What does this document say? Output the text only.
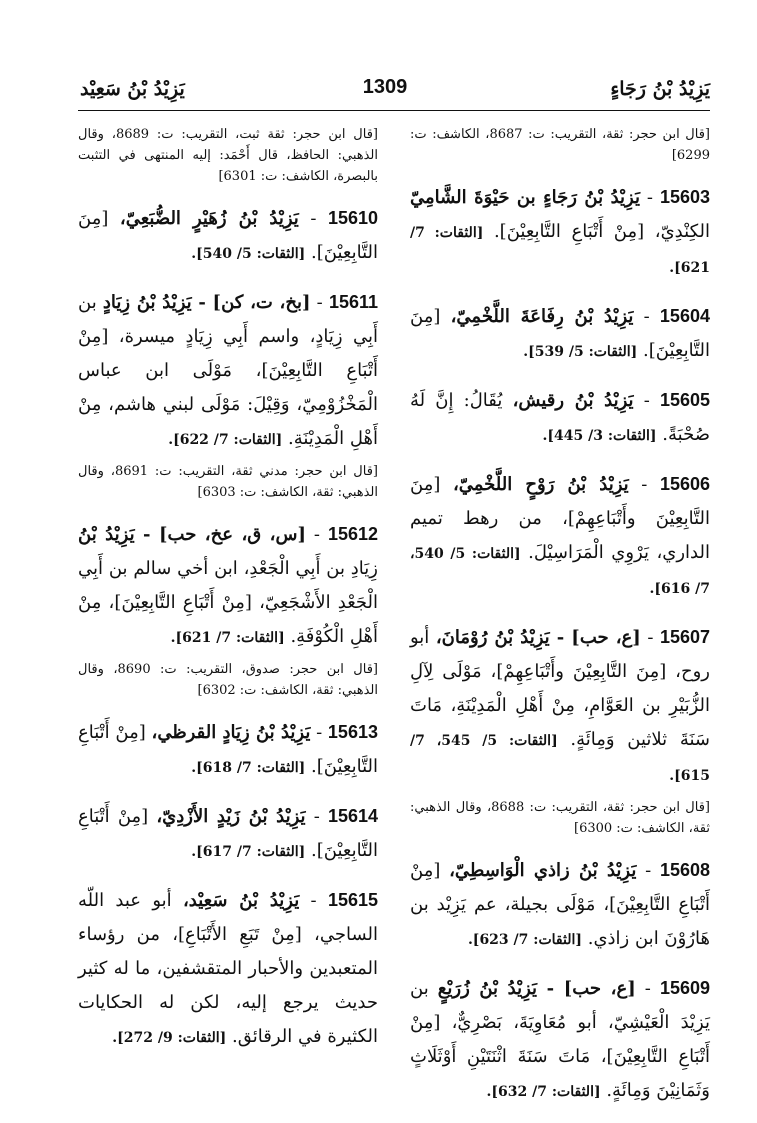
يَزِيْدُ بْنُ رَجَاءٍ
1309
يَزِيْدُ بْنُ سَعِيْد
[قال ابن حجر: ثقة، التقريب: ت: 8687، الكاشف: ت: 6299]
15603 - يَزِيْدُ بْنُ رَجَاءٍ بن حَيْوَةَ الشَّامِيّ الكِنْدِيّ، [مِنْ أَتْبَاعِ التَّابِعِيْنَ]. [الثقات: 7/ 621].
15604 - يَزِيْدُ بْنُ رِفَاعَةَ اللَّخْمِيّ، [مِنَ التَّابِعِيْنَ]. [الثقات: 5/ 539].
15605 - يَزِيْدُ بْنُ رقيش، يُقَالُ: إِنَّ لَهُ صُحْبَةً. [الثقات: 3/ 445].
15606 - يَزِيْدُ بْنُ رَوْحٍ اللَّخْمِيّ، [مِنَ التَّابِعِيْنَ وأَتْبَاعِهِمْ]، من رهط تميم الداري، يَرْوِي الْمَرَاسِيْلَ. [الثقات: 5/ 540، 7/ 616].
15607 - [ع، حب] - يَزِيْدُ بْنُ رُوْمَانَ، أبو روح، [مِنَ التَّابِعِيْنَ وأَتْبَاعِهِمْ]، مَوْلَى لِآلِ الزُّبَيْرِ بن العَوَّامِ، مِنْ أَهْلِ الْمَدِيْنَةِ، مَاتَ سَنَةَ ثلاثين وَمِائَةٍ. [الثقات: 5/ 545، 7/ 615].
[قال ابن حجر: ثقة، التقريب: ت: 8688، وقال الذهبي: ثقة، الكاشف: ت: 6300]
15608 - يَزِيْدُ بْنُ زاذي الْوَاسِطِيّ، [مِنْ أَتْبَاعِ التَّابِعِيْنَ]، مَوْلَى بجيلة، عم يَزِيْد بن هَارُوْنَ ابن زاذي. [الثقات: 7/ 623].
15609 - [ع، حب] - يَزِيْدُ بْنُ زُرَيْعٍ بن يَزِيْدَ الْعَيْشِيّ، أبو مُعَاوِيَةَ، بَصْرِيٌّ، [مِنْ أَتْبَاعِ التَّابِعِيْنَ]، مَاتَ سَنَةَ اثْنَتَيْنِ أَوْثَلَاثٍ وَثَمَانِيْنَ وَمِائَةٍ. [الثقات: 7/ 632].
[قال ابن حجر: ثقة ثبت، التقريب: ت: 8689، وقال الذهبي: الحافظ، قال أَحْمَد: إليه المنتهى في التثبت بالبصرة، الكاشف: ت: 6301]
15610 - يَزِيْدُ بْنُ زُهَيْرٍ الضُّبَعِيّ، [مِنَ التَّابِعِيْنَ]. [الثقات: 5/ 540].
15611 - [بخ، ت، كن] - يَزِيْدُ بْنُ زِيَادٍ بن أَبِي زِيَادٍ، واسم أَبِي زِيَادٍ ميسرة، [مِنْ أَتْبَاعِ التَّابِعِيْنَ]، مَوْلَى ابن عباس الْمَخْزُوْمِيّ، وَقِيْلَ: مَوْلَى لبني هاشم، مِنْ أَهْلِ الْمَدِيْنَةِ. [الثقات: 7/ 622].
[قال ابن حجر: مدني ثقة، التقريب: ت: 8691، وقال الذهبي: ثقة، الكاشف: ت: 6303]
15612 - [س، ق، عخ، حب] - يَزِيْدُ بْنُ زِيَادِ بن أَبِي الْجَعْدِ، ابن أخي سالم بن أَبِي الْجَعْدِ الأَشْجَعِيّ، [مِنْ أَتْبَاعِ التَّابِعِيْنَ]، مِنْ أَهْلِ الْكُوْفَةِ. [الثقات: 7/ 621].
[قال ابن حجر: صدوق، التقريب: ت: 8690، وقال الذهبي: ثقة، الكاشف: ت: 6302]
15613 - يَزِيْدُ بْنُ زِيَادٍ القرظي، [مِنْ أَتْبَاعِ التَّابِعِيْنَ]. [الثقات: 7/ 618].
15614 - يَزِيْدُ بْنُ زَيْدٍ الأَزْدِيّ، [مِنْ أَتْبَاعِ التَّابِعِيْنَ]. [الثقات: 7/ 617].
15615 - يَزِيْدُ بْنُ سَعِيْد، أبو عبد اللّه الساجي، [مِنْ تَبَعِ الأَتْبَاعِ]، من رؤساء المتعبدين والأحبار المتقشفين، ما له كثير حديث يرجع إليه، لكن له الحكايات الكثيرة في الرقائق. [الثقات: 9/ 272].
